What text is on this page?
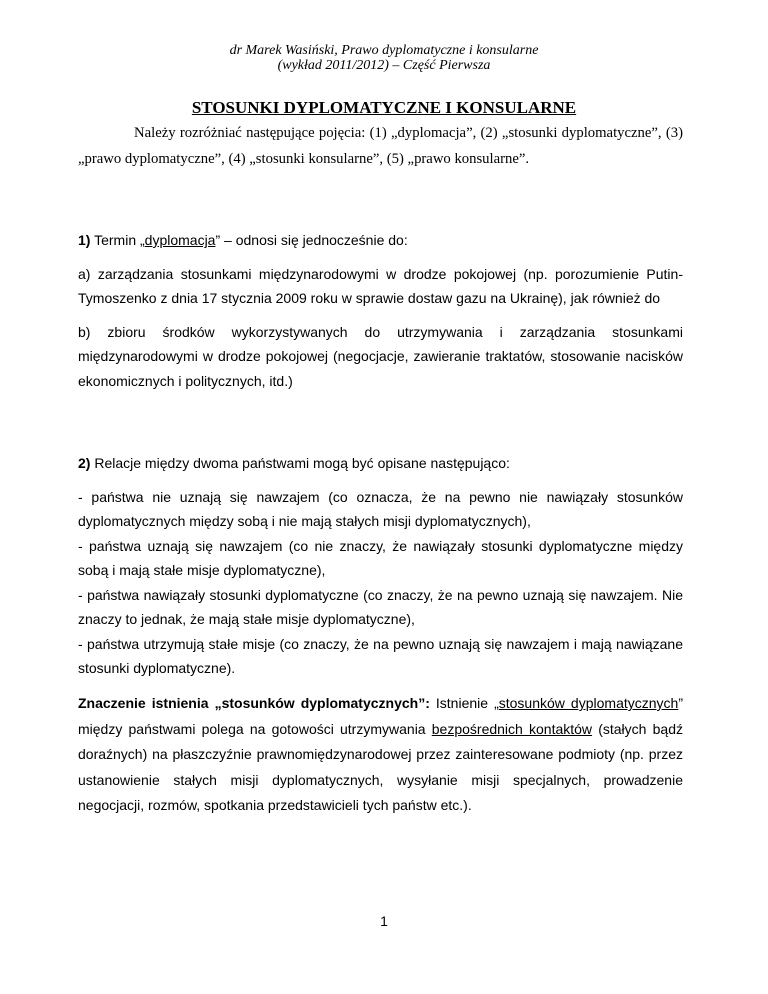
dr Marek Wasiński, Prawo dyplomatyczne i konsularne
(wykład 2011/2012) – Część Pierwsza
STOSUNKI DYPLOMATYCZNE I KONSULARNE
Należy rozróżniać następujące pojęcia: (1) „dyplomacja”, (2) „stosunki dyplomatyczne”, (3) „prawo dyplomatyczne”, (4) „stosunki konsularne”, (5) „prawo konsularne”.

1) Termin „dyplomacja” – odnosi się jednocześnie do:

a) zarządzania stosunkami międzynarodowymi w drodze pokojowej (np. porozumienie Putin-Tymoszenko z dnia 17 stycznia 2009 roku w sprawie dostaw gazu na Ukrainę), jak również do

b) zbioru środków wykorzystywanych do utrzymywania i zarządzania stosunkami międzynarodowymi w drodze pokojowej (negocjacje, zawieranie traktatów, stosowanie nacisków ekonomicznych i politycznych, itd.)

2) Relacje między dwoma państwami mogą być opisane następująco:

- państwa nie uznają się nawzajem (co oznacza, że na pewno nie nawiązały stosunków dyplomatycznych między sobą i nie mają stałych misji dyplomatycznych),

- państwa uznają się nawzajem (co nie znaczy, że nawiązały stosunki dyplomatyczne między sobą i mają stałe misje dyplomatyczne),

- państwa nawiązały stosunki dyplomatyczne (co znaczy, że na pewno uznają się nawzajem. Nie znaczy to jednak, że mają stałe misje dyplomatyczne),

- państwa utrzymują stałe misje (co znaczy, że na pewno uznają się nawzajem i mają nawiązane stosunki dyplomatyczne).

Znaczenie istnienia „stosunków dyplomatycznych”: Istnienie „stosunków dyplomatycznych” między państwami polega na gotowości utrzymywania bezpośrednich kontaktów (stałych bądź doraźnych) na płaszczyźnie prawnomiędzynarodowej przez zainteresowane podmioty (np. przez ustanowienie stałych misji dyplomatycznych, wysyłanie misji specjalnych, prowadzenie negocjacji, rozmów, spotkania przedstawicieli tych państw etc.).

1
